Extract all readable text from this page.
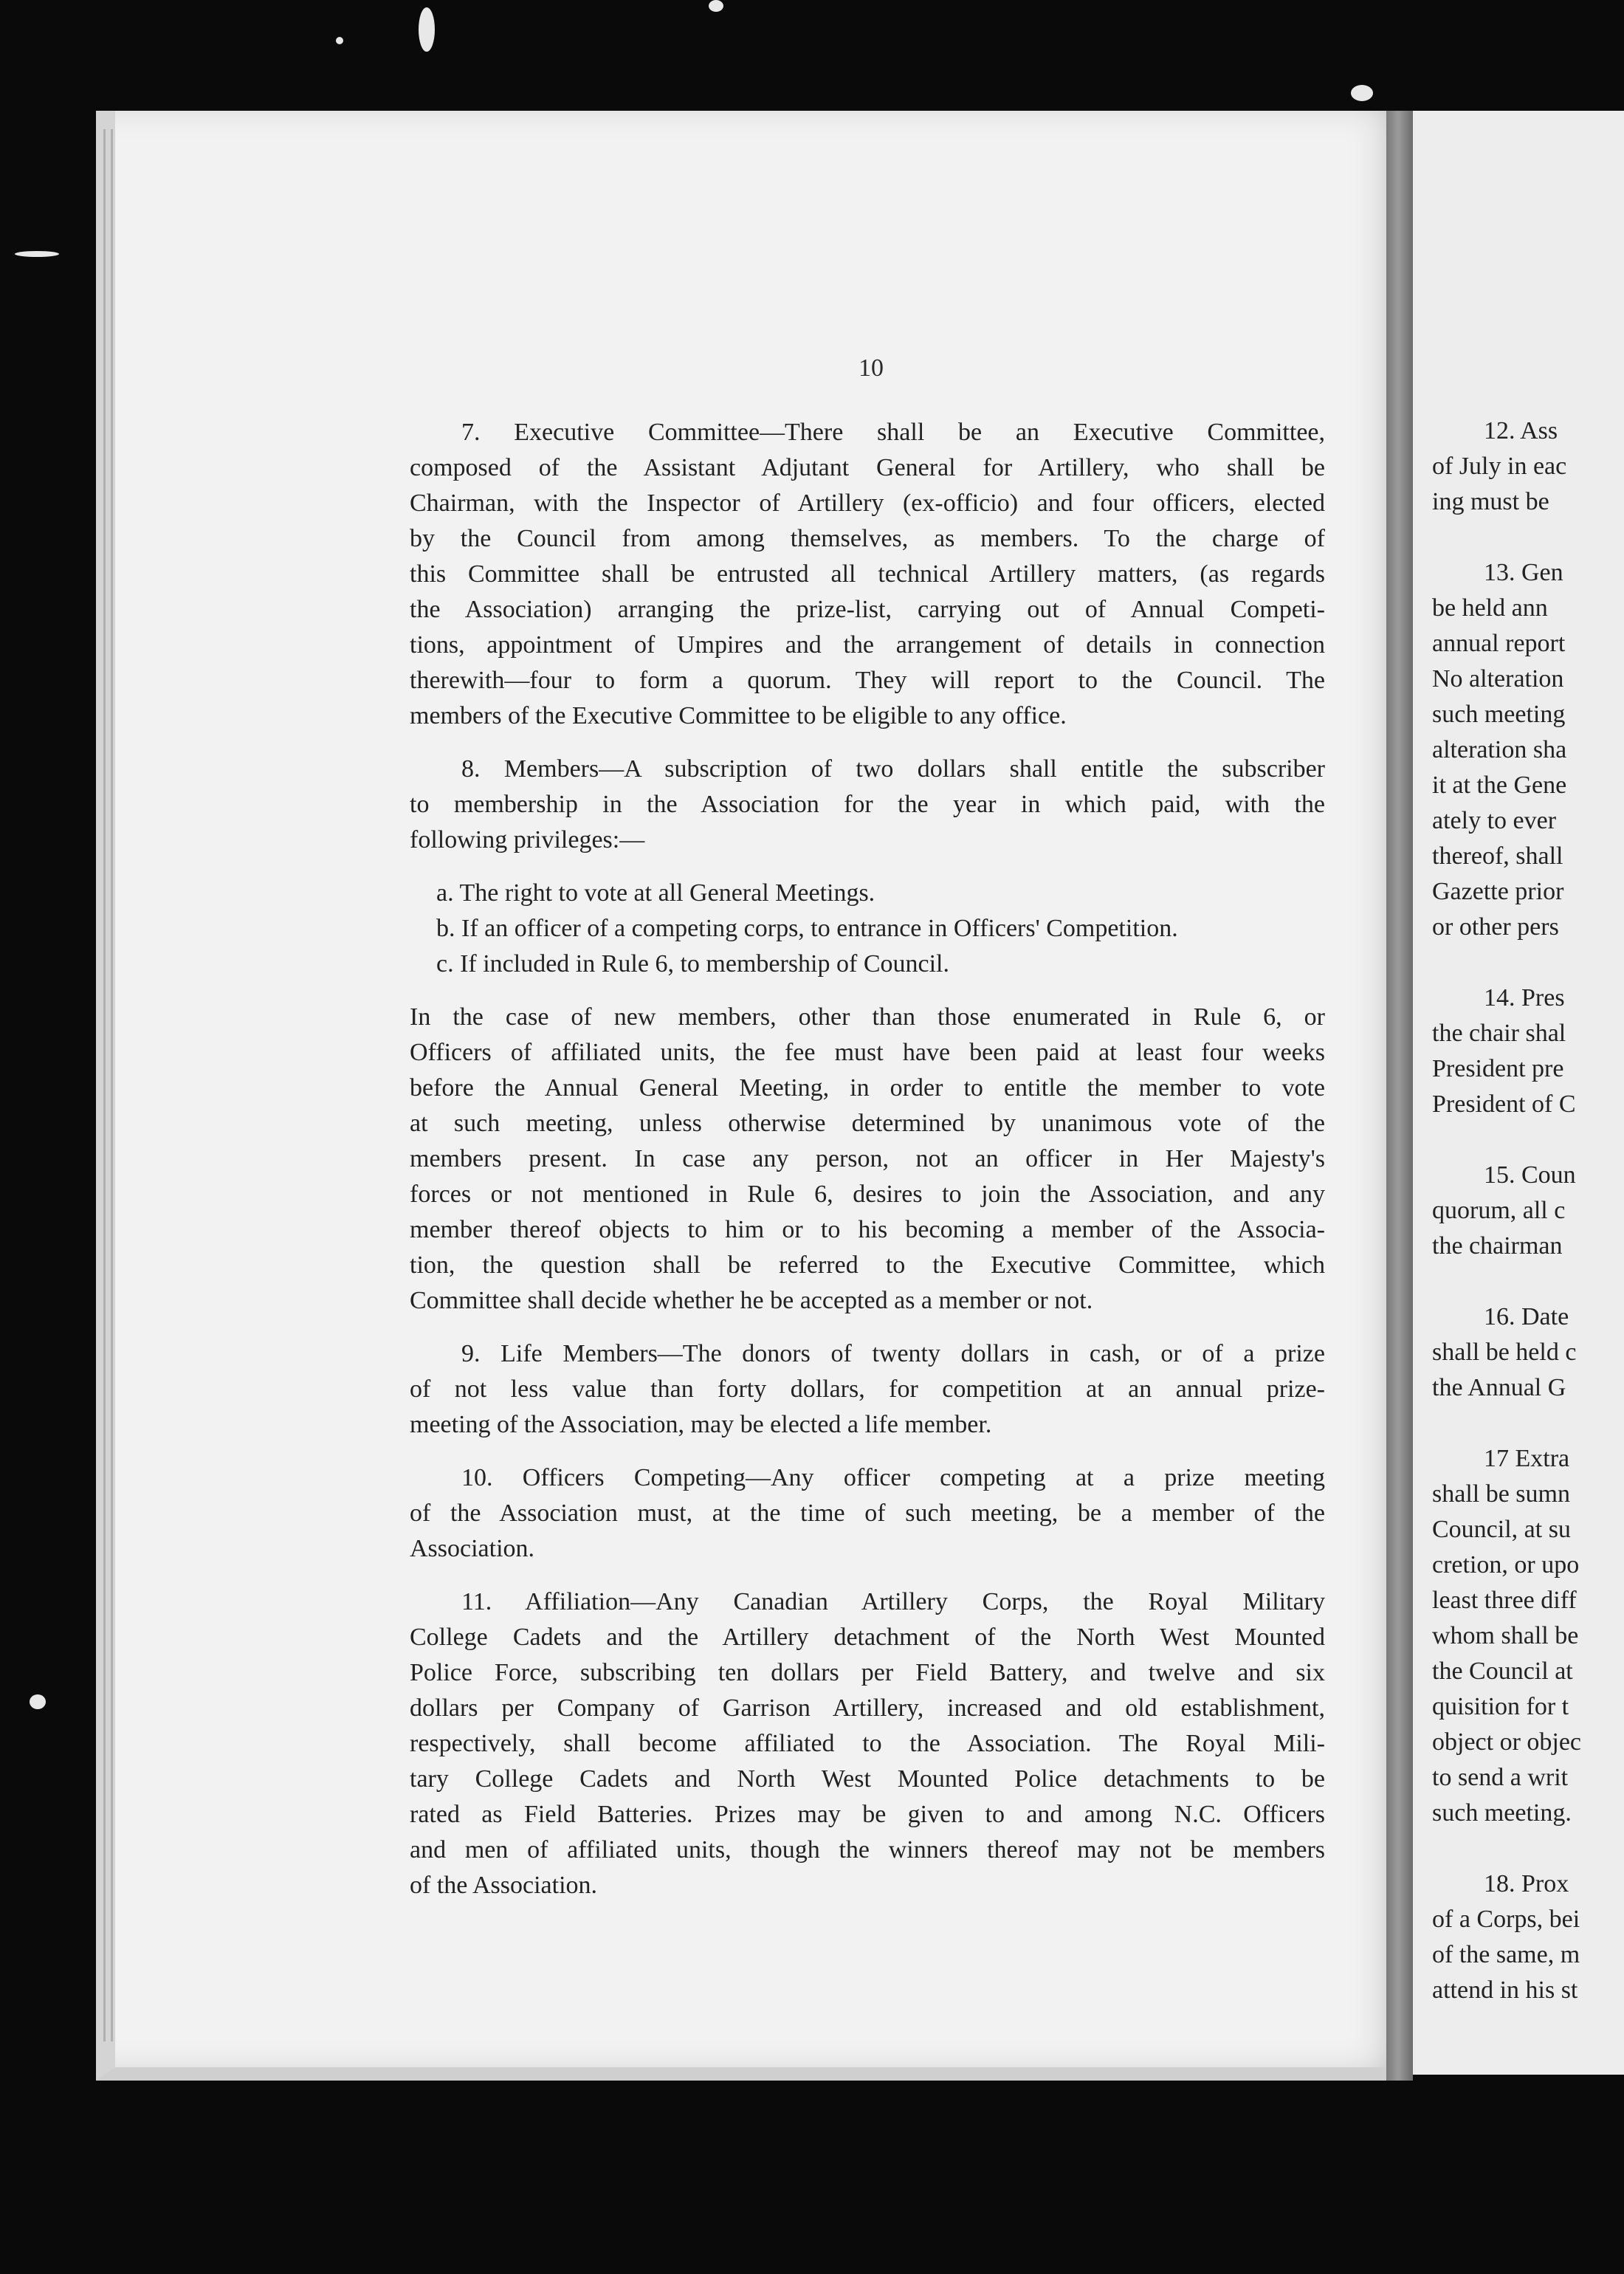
12. Ass

of July in eac

ing must be

13. Gen

be held ann

annual report

No alteration

such meeting

alteration sha

it at the Gene

ately to ever

thereof, shall

Gazette prior

or other pers

14. Pres

the chair shal

President pre

President of C

15. Coun

quorum, all c

the chairman

16. Date

shall be held c

the Annual G

17 Extra

shall be sumn

Council, at su

cretion, or upo

least three diff

whom shall be

the Council at

quisition for t

object or objec

to send a writ

such meeting.

18. Prox

of a Corps, bei

of the same, m

attend in his st

10

7. Executive Committee—There shall be an Executive Committee,

composed of the Assistant Adjutant General for Artillery, who shall be

Chairman, with the Inspector of Artillery (ex-officio) and four officers, elected

by the Council from among themselves, as members. To the charge of

this Committee shall be entrusted all technical Artillery matters, (as regards

the Association) arranging the prize-list, carrying out of Annual Competi-

tions, appointment of Umpires and the arrangement of details in connection

therewith—four to form a quorum. They will report to the Council. The

members of the Executive Committee to be eligible to any office.

8. Members—A subscription of two dollars shall entitle the subscriber

to membership in the Association for the year in which paid, with the

following privileges:—

a. The right to vote at all General Meetings.

b. If an officer of a competing corps, to entrance in Officers' Competition.

c. If included in Rule 6, to membership of Council.

In the case of new members, other than those enumerated in Rule 6, or

Officers of affiliated units, the fee must have been paid at least four weeks

before the Annual General Meeting, in order to entitle the member to vote

at such meeting, unless otherwise determined by unanimous vote of the

members present. In case any person, not an officer in Her Majesty's

forces or not mentioned in Rule 6, desires to join the Association, and any

member thereof objects to him or to his becoming a member of the Associa-

tion, the question shall be referred to the Executive Committee, which

Committee shall decide whether he be accepted as a member or not.

9. Life Members—The donors of twenty dollars in cash, or of a prize

of not less value than forty dollars, for competition at an annual prize-

meeting of the Association, may be elected a life member.

10. Officers Competing—Any officer competing at a prize meeting

of the Association must, at the time of such meeting, be a member of the

Association.

11. Affiliation—Any Canadian Artillery Corps, the Royal Military

College Cadets and the Artillery detachment of the North West Mounted

Police Force, subscribing ten dollars per Field Battery, and twelve and six

dollars per Company of Garrison Artillery, increased and old establishment,

respectively, shall become affiliated to the Association. The Royal Mili-

tary College Cadets and North West Mounted Police detachments to be

rated as Field Batteries. Prizes may be given to and among N.C. Officers

and men of affiliated units, though the winners thereof may not be members

of the Association.
